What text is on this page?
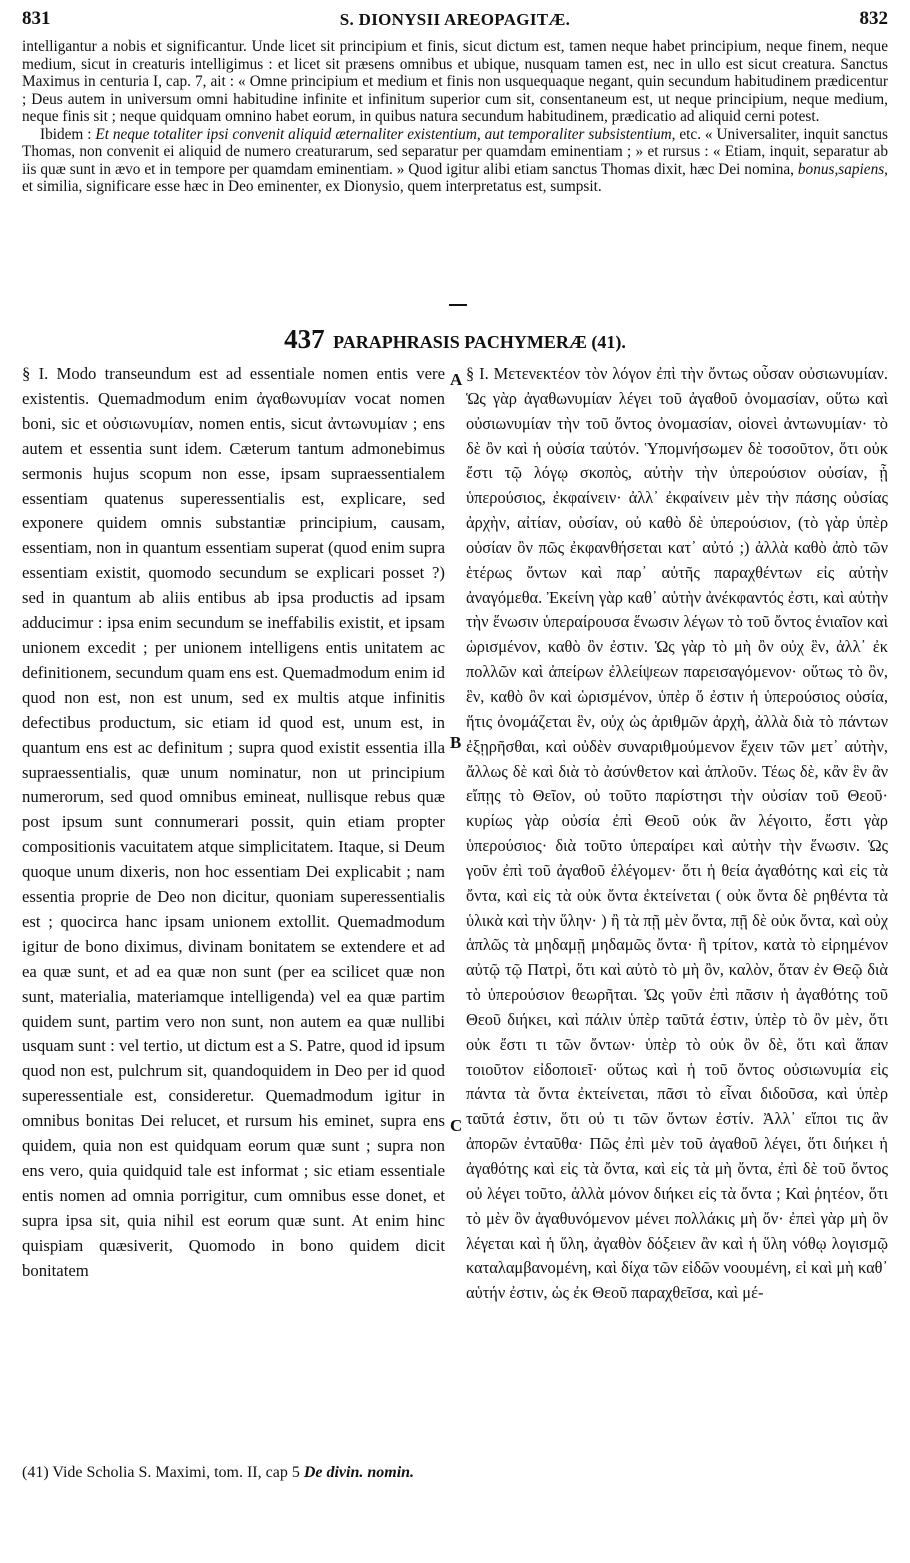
831	S. DIONYSII AREOPAGITÆ.	832

intelligantur a nobis et significantur. Unde licet sit principium et finis, sicut dictum est, tamen neque habet principium, neque finem, neque medium, sicut in creaturis intelligimus : et licet sit præsens omnibus et ubique, nusquam tamen est, nec in ullo est sicut creatura. Sanctus Maximus in centuria I, cap. 7, ait : « Omne principium et medium et finis non usquequaque negant, quin secundum habitudinem prædicentur ; Deus autem in universum omni habitudine infinite et infinitum superior cum sit, consentaneum est, ut neque principium, neque medium, neque finis sit ; neque quidquam omnino habet eorum, in quibus natura secundum habitudinem, prædicatio ad aliquid cerni potest.

Ibidem : Et neque totaliter ipsi convenit aliquid æternaliter existentium, aut temporaliter subsistentium, etc. « Universaliter, inquit sanctus Thomas, non convenit ei aliquid de numero creaturarum, sed separatur per quamdam eminentiam ; » et rursus : « Etiam, inquit, separatur ab iis quæ sunt in ævo et in tempore per quamdam eminentiam. » Quod igitur alibi etiam sanctus Thomas dixit, hæc Dei nomina, bonus,sapiens, et similia, significare esse hæc in Deo eminenter, ex Dionysio, quem interpretatus est, sumpsit.

437 PARAPHRASIS PACHYMERÆ (41).

§ I. Modo transeundum est ad essentiale nomen entis vere existentis. Quemadmodum enim ἀγαθωνυμίαν vocat nomen boni, sic et οὐσιωνυμίαν, nomen entis, sicut ἀντωνυμίαν ; ens autem et essentia sunt idem. Cæterum tantum admonebimus sermonis hujus scopum non esse, ipsam supraessentialem essentiam quatenus superessentialis est, explicare, sed exponere quidem omnis substantiæ principium, causam, essentiam, non in quantum essentiam superat (quod enim supra essentiam existit, quomodo secundum se explicari posset ?) sed in quantum ab aliis entibus ab ipsa productis ad ipsam adducimur : ipsa enim secundum se ineffabilis existit, et ipsam unionem excedit ; per unionem intelligens entis unitatem ac definitionem, secundum quam ens est. Quemadmodum enim id quod non est, non est unum, sed ex multis atque infinitis defectibus productum, sic etiam id quod est, unum est, in quantum ens est ac definitum ; supra quod existit essentia illa supraessentialis, quæ unum nominatur, non ut principium numerorum, sed quod omnibus emineat, nullisque rebus quæ post ipsum sunt connumerari possit, quin etiam propter compositionis vacuitatem atque simplicitatem. Itaque, si Deum quoque unum dixeris, non hoc essentiam Dei explicabit ; nam essentia proprie de Deo non dicitur, quoniam superessentialis est ; quocirca hanc ipsam unionem extollit. Quemadmodum igitur de bono diximus, divinam bonitatem se extendere et ad ea quæ sunt, et ad ea quæ non sunt (per ea scilicet quæ non sunt, materialia, materiamque intelligenda) vel ea quæ partim quidem sunt, partim vero non sunt, non autem ea quæ nullibi usquam sunt : vel tertio, ut dictum est a S. Patre, quod id ipsum quod non est, pulchrum sit, quandoquidem in Deo per id quod superessentiale est, consideretur. Quemadmodum igitur in omnibus bonitas Dei relucet, et rursum his eminet, supra ens quidem, quia non est quidquam eorum quæ sunt ; supra non ens vero, quia quidquid tale est informat ; sic etiam essentiale entis nomen ad omnia porrigitur, cum omnibus esse donet, et supra ipsa sit, quia nihil est eorum quæ sunt. At enim hinc quispiam quæsiverit, Quomodo in bono quidem dicit bonitatem

A
B
C

§ I. Μετενεκτέον τὸν λόγον ἐπὶ τὴν ὄντως οὖσαν οὐσιωνυμίαν. Ὡς γὰρ ἀγαθωνυμίαν λέγει τοῦ ἀγαθοῦ ὀνομασίαν, οὕτω καὶ οὐσιωνυμίαν τὴν τοῦ ὄντος ὀνομασίαν, οἱονεὶ ἀντωνυμίαν· τὸ δὲ ὂν καὶ ἡ οὐσία ταὐτόν. Ὑπομνήσωμεν δὲ τοσοῦτον, ὅτι οὐκ ἔστι τῷ λόγῳ σκοπὸς, αὐτὴν τὴν ὑπερούσιον οὐσίαν, ᾗ ὑπερούσιος, ἐκφαίνειν· ἀλλ᾽ ἐκφαίνειν μὲν τὴν πάσης οὐσίας ἀρχὴν, αἰτίαν, οὐσίαν, οὐ καθὸ δὲ ὑπερούσιον, (τὸ γὰρ ὑπὲρ οὐσίαν ὂν πῶς ἐκφανθήσεται κατ᾽ αὐτό ;) ἀλλὰ καθὸ ἀπὸ τῶν ἑτέρως ὄντων καὶ παρ᾽ αὐτῆς παραχθέντων εἰς αὐτὴν ἀναγόμεθα. Ἐκείνη γὰρ καθ᾽ αὑτὴν ἀνέκφαντός ἐστι, καὶ αὐτὴν τὴν ἕνωσιν ὑπεραίρουσα ἕνωσιν λέγων τὸ τοῦ ὄντος ἑνιαῖον καὶ ὡρισμένον, καθὸ ὂν ἐστιν. Ὡς γὰρ τὸ μὴ ὂν οὐχ ἓν, ἀλλ᾽ ἐκ πολλῶν καὶ ἀπείρων ἐλλείψεων παρεισαγόμενον· οὕτως τὸ ὂν, ἓν, καθὸ ὂν καὶ ὡρισμένον, ὑπὲρ ὅ ἐστιν ἡ ὑπερούσιος οὐσία, ἥτις ὀνομάζεται ἓν, οὐχ ὡς ἀριθμῶν ἀρχὴ, ἀλλὰ διὰ τὸ πάντων ἐξῃρῆσθαι, καὶ οὐδὲν συναριθμούμενον ἔχειν τῶν μετ᾽ αὐτὴν, ἄλλως δὲ καὶ διὰ τὸ ἀσύνθετον καὶ ἁπλοῦν. Τέως δὲ, κἂν ἓν ἂν εἴπῃς τὸ Θεῖον, οὐ τοῦτο παρίστησι τὴν οὐσίαν τοῦ Θεοῦ· κυρίως γὰρ οὐσία ἐπὶ Θεοῦ οὐκ ἂν λέγοιτο, ἔστι γὰρ ὑπερούσιος· διὰ τοῦτο ὑπεραίρει καὶ αὐτὴν τὴν ἕνωσιν. Ὡς γοῦν ἐπὶ τοῦ ἀγαθοῦ ἐλέγομεν· ὅτι ἡ θεία ἀγαθότης καὶ εἰς τὰ ὄντα, καὶ εἰς τὰ οὐκ ὄντα ἐκτείνεται ( οὐκ ὄντα δὲ ρηθέντα τὰ ὑλικὰ καὶ τὴν ὕλην· ) ἢ τὰ πῇ μὲν ὄντα, πῇ δὲ οὐκ ὄντα, καὶ οὐχ ἁπλῶς τὰ μηδαμῇ μηδαμῶς ὄντα· ἢ τρίτον, κατὰ τὸ εἰρημένον αὐτῷ τῷ Πατρὶ, ὅτι καὶ αὐτὸ τὸ μὴ ὂν, καλὸν, ὅταν ἐν Θεῷ διὰ τὸ ὑπερούσιον θεωρῆται. Ὡς γοῦν ἐπὶ πᾶσιν ἡ ἀγαθότης τοῦ Θεοῦ διήκει, καὶ πάλιν ὑπὲρ ταῦτά ἐστιν, ὑπὲρ τὸ ὂν μὲν, ὅτι οὐκ ἔστι τι τῶν ὄντων· ὑπὲρ τὸ οὐκ ὂν δὲ, ὅτι καὶ ἅπαν τοιοῦτον εἰδοποιεῖ· οὕτως καὶ ἡ τοῦ ὄντος οὐσιωνυμία εἰς πάντα τὰ ὄντα ἐκτείνεται, πᾶσι τὸ εἶναι διδοῦσα, καὶ ὑπὲρ ταῦτά ἐστιν, ὅτι οὐ τι τῶν ὄντων ἐστίν. Ἀλλ᾽ εἴποι τις ἂν ἀπορῶν ἐνταῦθα· Πῶς ἐπὶ μὲν τοῦ ἀγαθοῦ λέγει, ὅτι διήκει ἡ ἀγαθότης καὶ εἰς τὰ ὄντα, καὶ εἰς τὰ μὴ ὄντα, ἐπὶ δὲ τοῦ ὄντος οὐ λέγει τοῦτο, ἀλλὰ μόνον διήκει εἰς τὰ ὄντα ; Καὶ ῥητέον, ὅτι τὸ μὲν ὂν ἀγαθυνόμενον μένει πολλάκις μὴ ὄν· ἐπεὶ γὰρ μὴ ὂν λέγεται καὶ ἡ ὕλη, ἀγαθὸν δόξειεν ἂν καὶ ἡ ὕλη νόθῳ λογισμῷ καταλαμβανομένη, καὶ δίχα τῶν εἰδῶν νοουμένη, εἰ καὶ μὴ καθ᾽ αὑτήν ἐστιν, ὡς ἐκ Θεοῦ παραχθεῖσα, καὶ μέ-

(41) Vide Scholia S. Maximi, tom. II, cap 5 De divin. nomin.
